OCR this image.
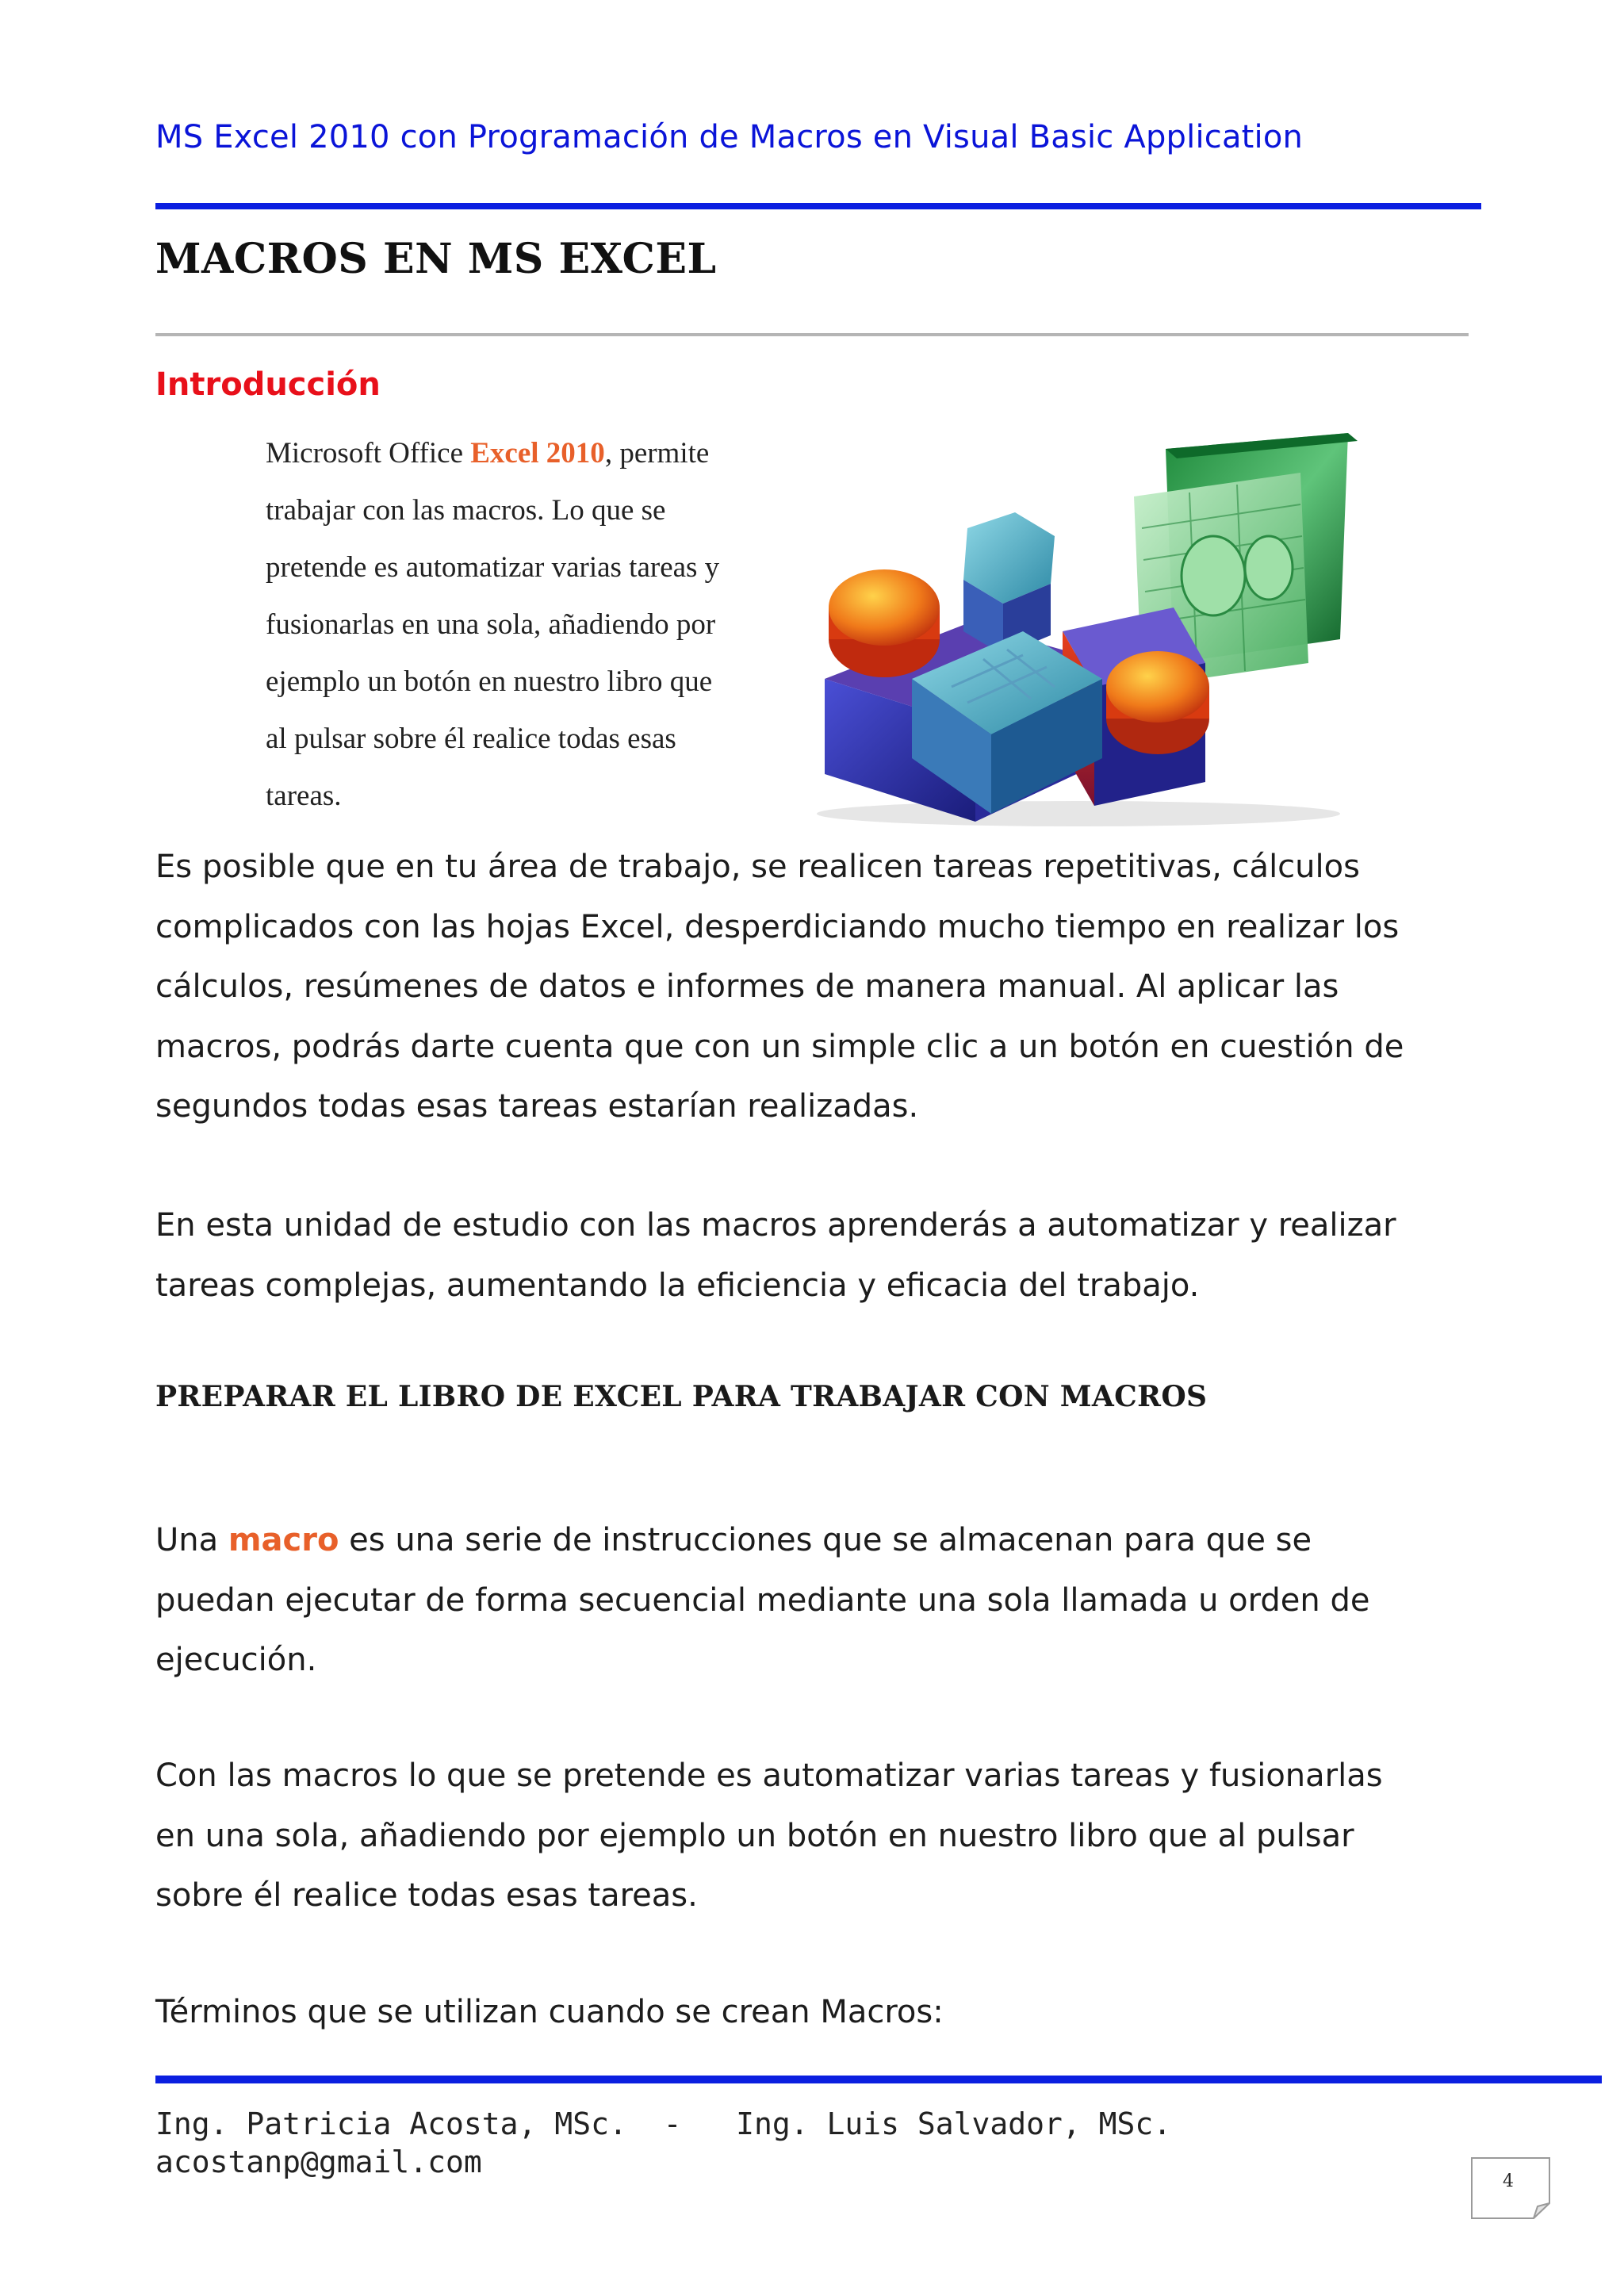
MS Excel 2010 con Programación de Macros en Visual Basic Application
MACROS EN MS EXCEL
Introducción
Microsoft Office Excel 2010, permite
trabajar con las macros. Lo que se
pretende es automatizar varias tareas y
fusionarlas en una sola, añadiendo por
ejemplo un botón en nuestro libro que
al pulsar sobre él realice todas esas
tareas.
Es posible que en tu área de trabajo, se realicen tareas repetitivas, cálculos
complicados con las hojas Excel, desperdiciando mucho tiempo en realizar los
cálculos, resúmenes de datos e informes de manera manual. Al aplicar las
macros, podrás darte cuenta que con un simple clic a un botón en cuestión de
segundos todas esas tareas estarían realizadas.
En esta unidad de estudio con las macros aprenderás a automatizar y realizar
tareas complejas, aumentando la eficiencia y eficacia del trabajo.
PREPARAR EL LIBRO DE EXCEL PARA TRABAJAR CON MACROS
Una macro es una serie de instrucciones que se almacenan para que se
puedan ejecutar de forma secuencial mediante una sola llamada u orden de
ejecución.
Con las macros lo que se pretende es automatizar varias tareas y fusionarlas
en una sola, añadiendo por ejemplo un botón en nuestro libro que al pulsar
sobre él realice todas esas tareas.
Términos que se utilizan cuando se crean Macros:
Ing. Patricia Acosta, MSc.  -   Ing. Luis Salvador, MSc.
acostanp@gmail.com
4
